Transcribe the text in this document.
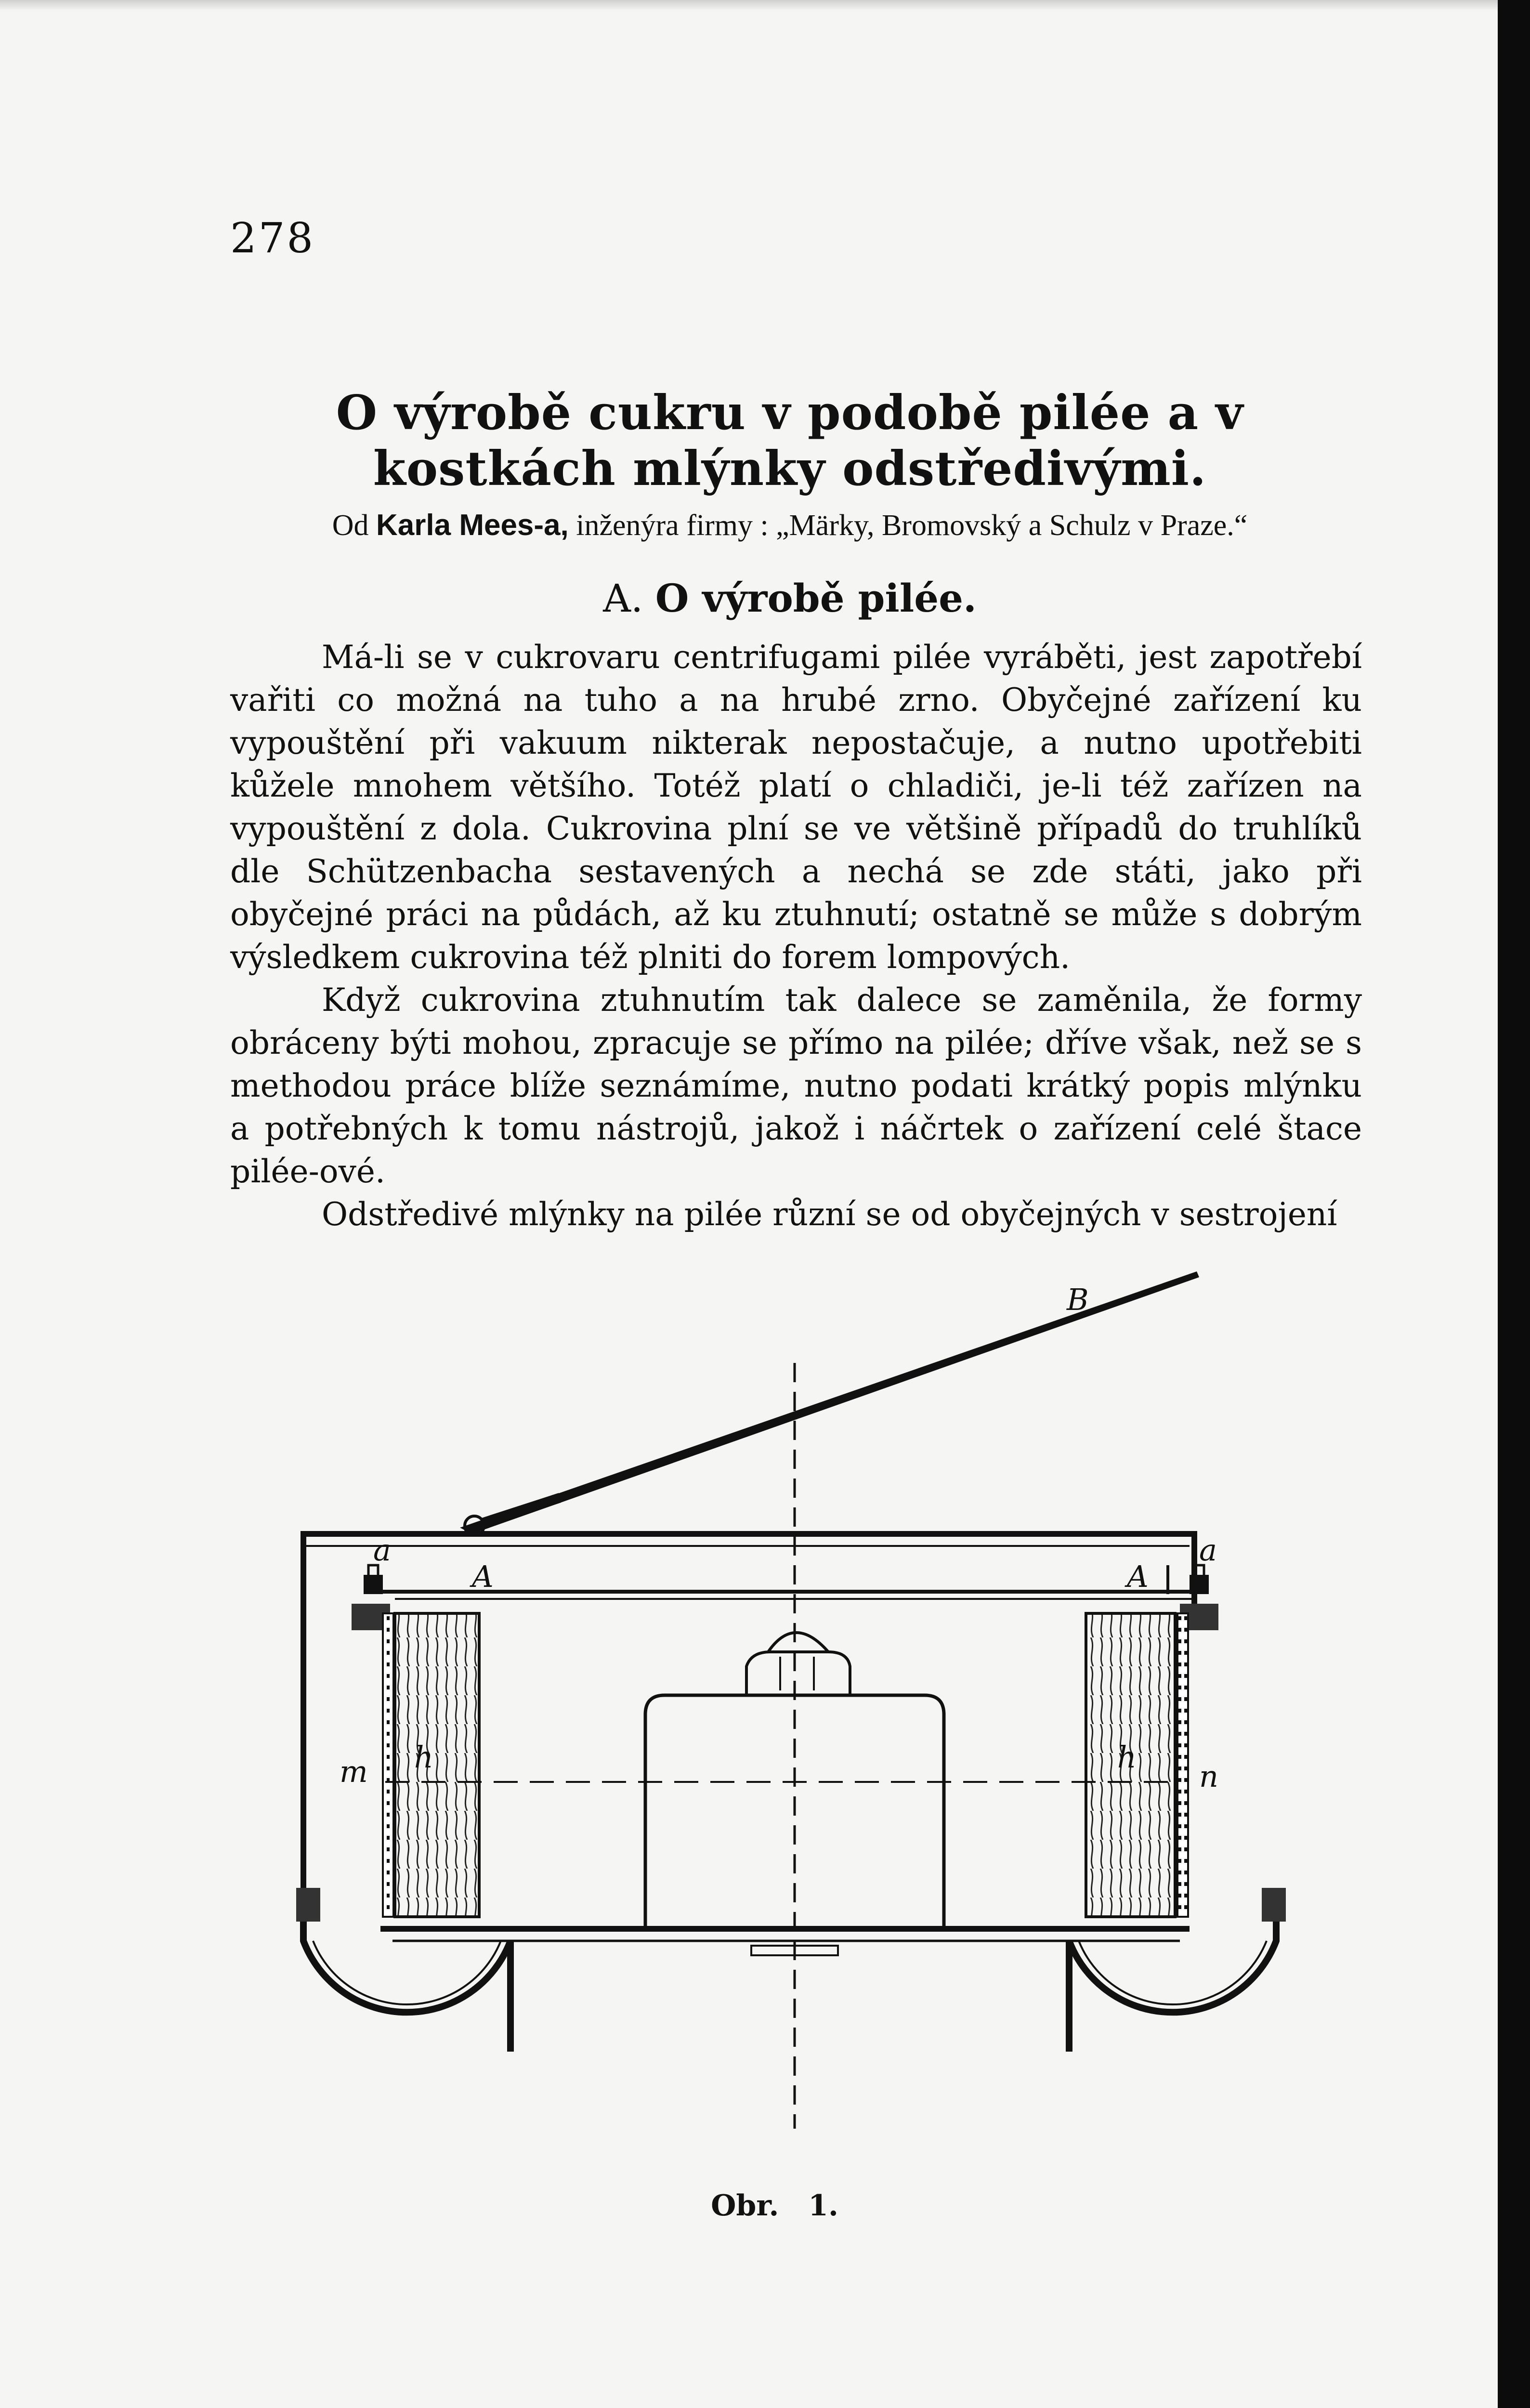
278
O výrobě cukru v podobě pilée a v kostkách mlýnky odstředivými.
Od Karla Mees-a, inženýra firmy : „Märky, Bromovský a Schulz v Praze.“
A. O výrobě pilée.

Má-li se v cukrovaru centrifugami pilée vyráběti, jest zapotřebí vařiti co možná na tuho a na hrubé zrno. Obyčejné zařízení ku vypouštění při vakuum nikterak nepostačuje, a nutno upotřebiti kůžele mnohem většího. Totéž platí o chladiči, je-li též zařízen na vypouštění z dola. Cukrovina plní se ve většině případů do truhlíků dle Schützenbacha sestavených a nechá se zde státi, jako při obyčejné práci na půdách, až ku ztuhnutí; ostatně se může s dobrým výsledkem cukrovina též plniti do forem lompových.

Když cukrovina ztuhnutím tak dalece se zaměnila, že formy obráceny býti mohou, zpracuje se přímo na pilée; dříve však, než se s methodou práce blíže seznámíme, nutno podati krátký popis mlýnku a potřebných k tomu nástrojů, jakož i náčrtek o zařízení celé štace pilée-ové.

Odstředivé mlýnky na pilée různí se od obyčejných v sestrojení

B
a	a
A	A
h	h
m	n
Obr. 1.
